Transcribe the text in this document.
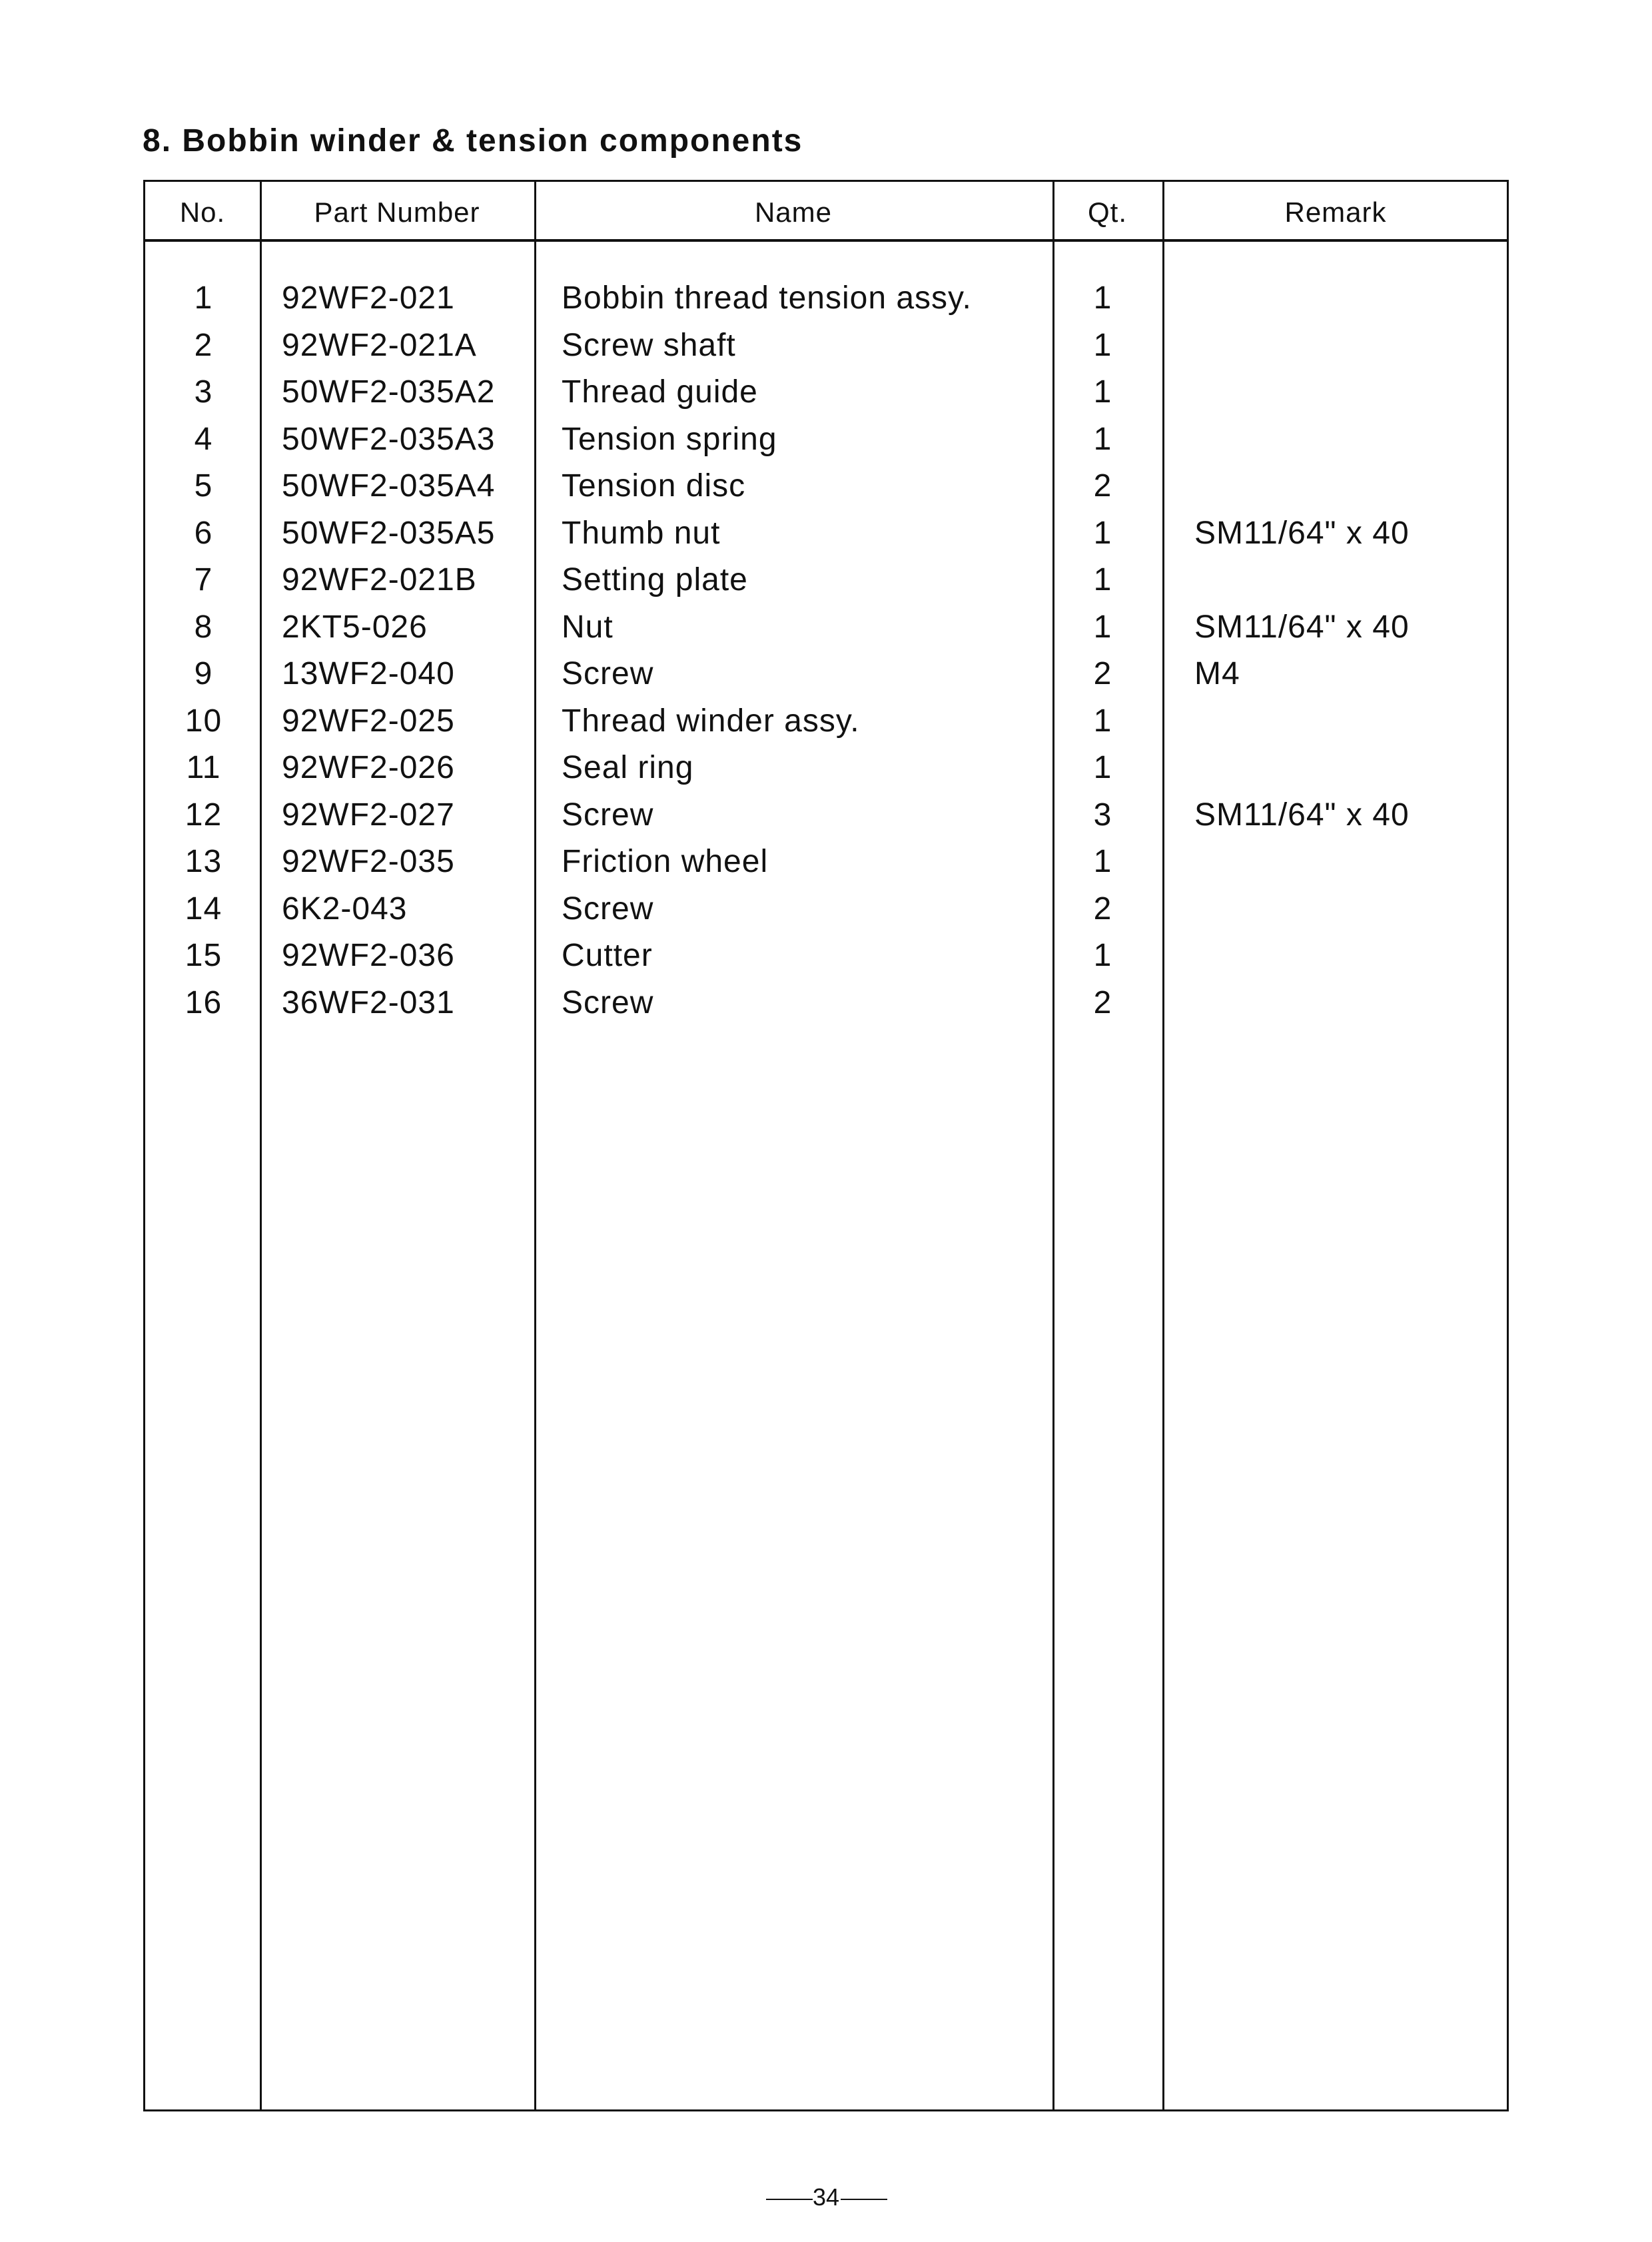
8. Bobbin winder & tension components
No.	Part Number	Name	Qt.	Remark
1	92WF2-021	Bobbin thread tension assy.	1
2	92WF2-021A	Screw shaft	1
3	50WF2-035A2	Thread guide	1
4	50WF2-035A3	Tension spring	1
5	50WF2-035A4	Tension disc	2
6	50WF2-035A5	Thumb nut	1	SM11/64" x 40
7	92WF2-021B	Setting plate	1
8	2KT5-026	Nut	1	SM11/64" x 40
9	13WF2-040	Screw	2	M4
10	92WF2-025	Thread winder assy.	1
11	92WF2-026	Seal ring	1
12	92WF2-027	Screw	3	SM11/64" x 40
13	92WF2-035	Friction wheel	1
14	6K2-043	Screw	2
15	92WF2-036	Cutter	1
16	36WF2-031	Screw	2
34
